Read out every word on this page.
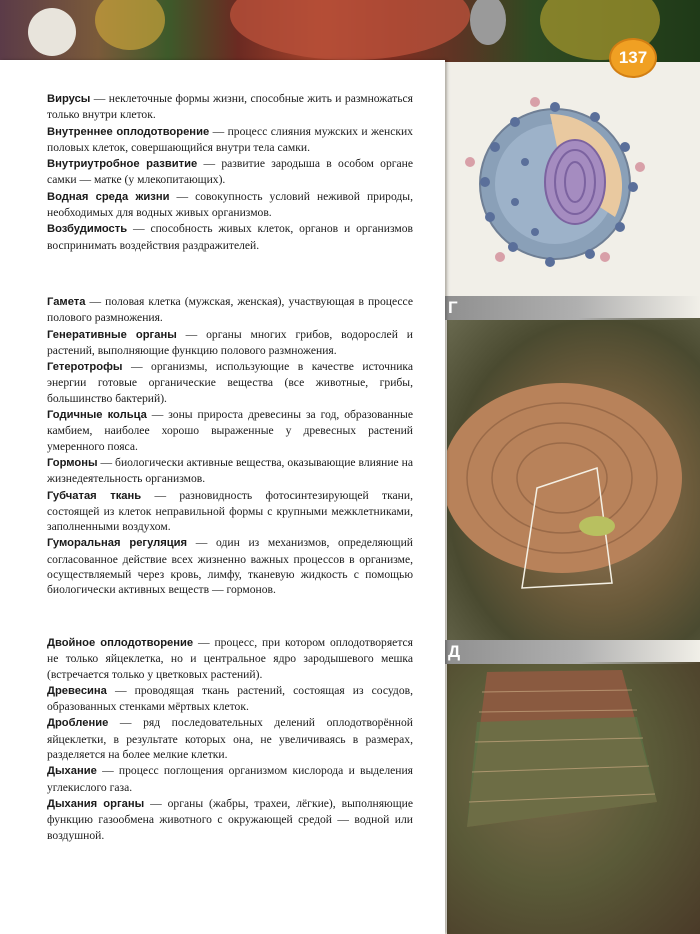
137
Г
Д

Вирусы — неклеточные формы жизни, способные жить и размножаться только внутри клеток.

Внутреннее оплодотворение — процесс слияния мужских и женских половых клеток, совершающийся внутри тела самки.

Внутриутробное развитие — развитие зародыша в особом органе самки — матке (у млекопитающих).

Водная среда жизни — совокупность условий неживой природы, необходимых для водных живых организмов.

Возбудимость — способность живых клеток, органов и организмов воспринимать воздействия раздражителей.

Гамета — половая клетка (мужская, женская), участвующая в процессе полового размножения.

Генеративные органы — органы многих грибов, водорослей и растений, выполняющие функцию полового размножения.

Гетеротрофы — организмы, использующие в качестве источника энергии готовые органические вещества (все животные, грибы, большинство бактерий).

Годичные кольца — зоны прироста древесины за год, образованные камбием, наиболее хорошо выраженные у древесных растений умеренного пояса.

Гормоны — биологически активные вещества, оказывающие влияние на жизнедеятельность организмов.

Губчатая ткань — разновидность фотосинтезирующей ткани, состоящей из клеток неправильной формы с крупными межклетниками, заполненными воздухом.

Гуморальная регуляция — один из механизмов, определяющий согласованное действие всех жизненно важных процессов в организме, осуществляемый через кровь, лимфу, тканевую жидкость с помощью биологически активных веществ — гормонов.

Двойное оплодотворение — процесс, при котором оплодотворяется не только яйцеклетка, но и центральное ядро зародышевого мешка (встречается только у цветковых растений).

Древесина — проводящая ткань растений, состоящая из сосудов, образованных стенками мёртвых клеток.

Дробление — ряд последовательных делений оплодотворённой яйцеклетки, в результате которых она, не увеличиваясь в размерах, разделяется на более мелкие клетки.

Дыхание — процесс поглощения организмом кислорода и выделения углекислого газа.

Дыхания органы — органы (жабры, трахеи, лёгкие), выполняющие функцию газообмена животного с окружающей средой — водной или воздушной.
